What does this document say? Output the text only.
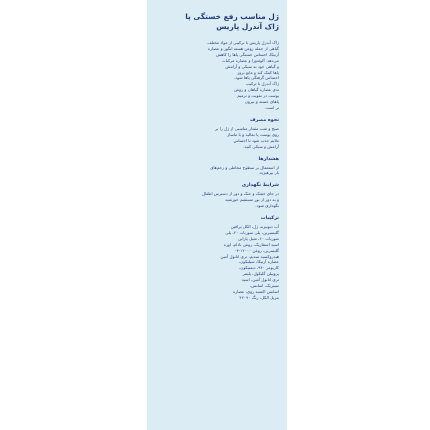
ژل مناسب رفع خستگی پا
ژاک آندرل پاریس
ژاک آندرل پاریس با ترکیبی از مواد مختلف
گیاهی از جمله روغن هسته انگور و عصاره
آرنیکا، احساس خستگی پاها را کاهش
می‌دهد. آلوئه‌ورا و عصاره مرکبات
و گیاهی خود به سبکی و آرامش
پاها کمک کند و مانع بروز
احساس گرفتگی پاها شود.
ژاک آندرل با ترکیب
تدی عصاره گیاهان و روغن
پوست در تقویت و ترمیم
پاهای خسته و بیرون
تر است.
نحوه مصرف
صبح و شب مقدار مناسبی از ژل را بر
روی پوست پا بمالید و با ماساژ
ملایم جذب شود تا احساس
آرامش و سبکی کنید.
هشدارها
از استعمال بر سطوح مخاطی و زخم‌های
باز بپرهیزید.
شرایط نگهداری
در جای خشک و خنک و دور از دسترس اطفال
و به دور از نور مستقیم خورشید
نگهداری شود.
ترکیبات
آب دیونیزه، ژل، الکل پرافین
گلیسیرین، پلی سوربات ۲۰، پلی
سوربات ۶۰، متیل پارابن
اسید استئاریک، روغن بادام، اوره
گلیسرین، روغن ۱۲۰۰۰-۰۴
هیدروکسید سدیم، تری اتانول آمین
عصاره آرنیکا، سیلیکون،
کاربومر ۹۴۰، دیمتیکون،
پروپیلن گلیکول، پلیمر
تری اتانول آمین، اسید
سیتریک، اسانس،
اسانس اکسید روی، عصاره
بنزیل الکل، رنگ ۴۲۰۹۰
